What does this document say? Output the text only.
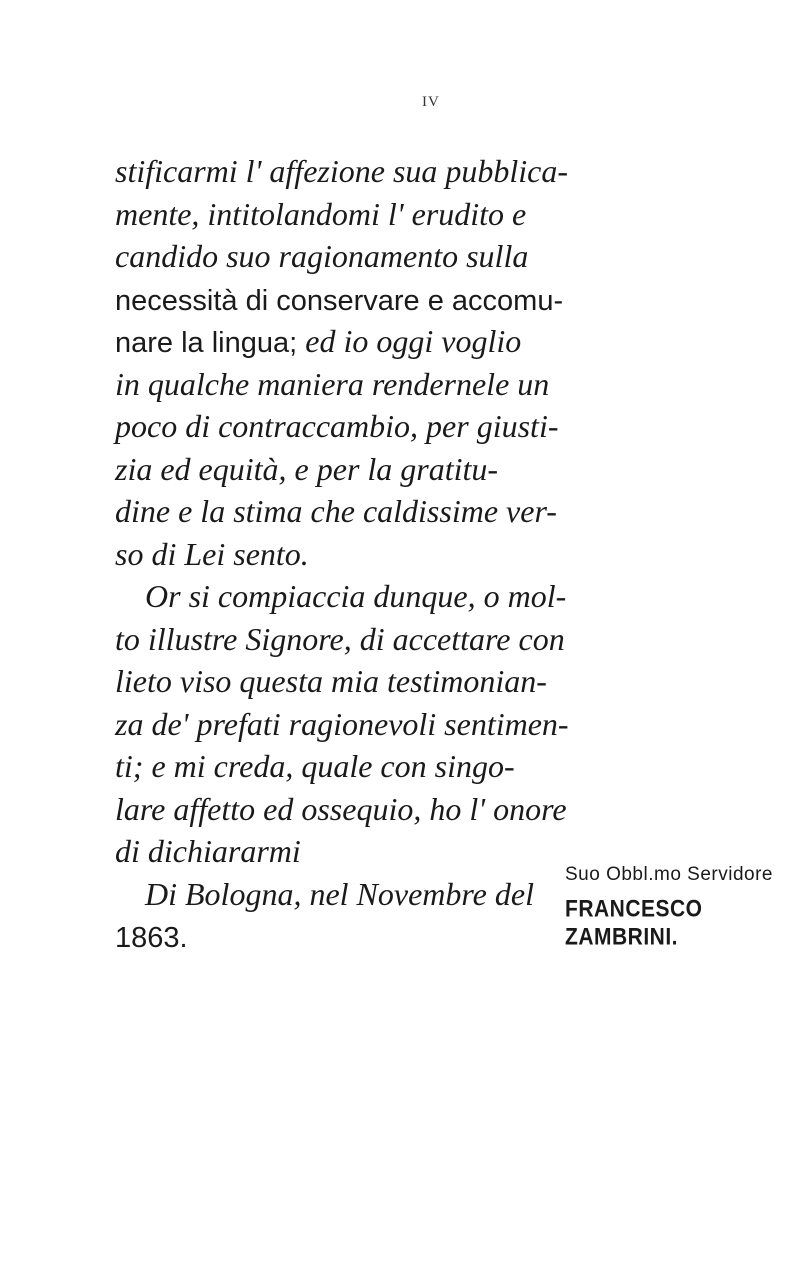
IV
stificarmi l' affezione sua pubblica-
mente, intitolandomi l' erudito e
candido suo ragionamento sulla
necessità di conservare e accomu-
nare la lingua; ed io oggi voglio
in qualche maniera rendernele un
poco di contraccambio, per giusti-
zia ed equità, e per la gratitu-
dine e la stima che caldissime ver-
so di Lei sento.
Or si compiaccia dunque, o mol-
to illustre Signore, di accettare con
lieto viso questa mia testimonian-
za de' prefati ragionevoli sentimen-
ti; e mi creda, quale con singo-
lare affetto ed ossequio, ho l' onore
di dichiararmi
Di Bologna, nel Novembre del
1863.
Suo Obbl.mo Servidore
FRANCESCO ZAMBRINI.
